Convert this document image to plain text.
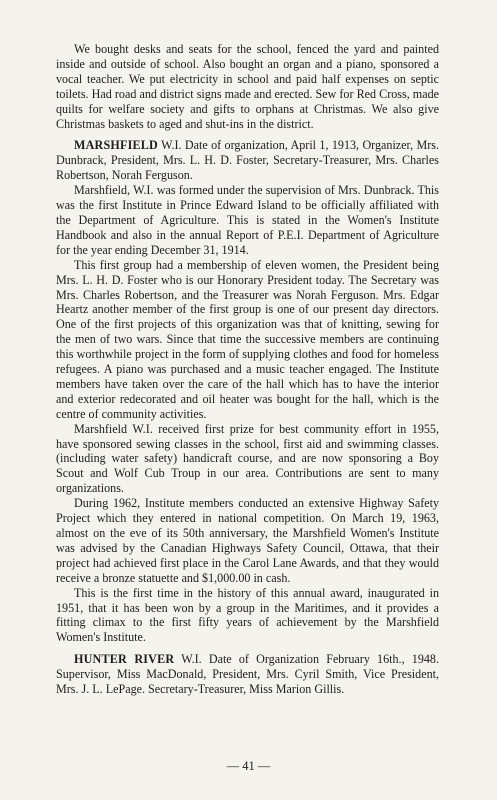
We bought desks and seats for the school, fenced the yard and painted inside and outside of school. Also bought an organ and a piano, sponsored a vocal teacher. We put electricity in school and paid half expenses on septic toilets. Had road and district signs made and erected. Sew for Red Cross, made quilts for welfare society and gifts to orphans at Christmas. We also give Christmas baskets to aged and shut-ins in the district.

MARSHFIELD W.I. Date of organization, April 1, 1913, Organizer, Mrs. Dunbrack, President, Mrs. L. H. D. Foster, Secretary-Treasurer, Mrs. Charles Robertson, Norah Ferguson.

Marshfield, W.I. was formed under the supervision of Mrs. Dunbrack. This was the first Institute in Prince Edward Island to be officially affiliated with the Department of Agriculture. This is stated in the Women's Institute Handbook and also in the annual Report of P.E.I. Department of Agriculture for the year ending December 31, 1914.

This first group had a membership of eleven women, the President being Mrs. L. H. D. Foster who is our Honorary President today. The Secretary was Mrs. Charles Robertson, and the Treasurer was Norah Ferguson. Mrs. Edgar Heartz another member of the first group is one of our present day directors. One of the first projects of this organization was that of knitting, sewing for the men of two wars. Since that time the successive members are continuing this worthwhile project in the form of supplying clothes and food for homeless refugees. A piano was purchased and a music teacher engaged. The Institute members have taken over the care of the hall which has to have the interior and exterior redecorated and oil heater was bought for the hall, which is the centre of community activities.

Marshfield W.I. received first prize for best community effort in 1955, have sponsored sewing classes in the school, first aid and swimming classes. (including water safety) handicraft course, and are now sponsoring a Boy Scout and Wolf Cub Troup in our area. Contributions are sent to many organizations.

During 1962, Institute members conducted an extensive Highway Safety Project which they entered in national competition. On March 19, 1963, almost on the eve of its 50th anniversary, the Marshfield Women's Institute was advised by the Canadian Highways Safety Council, Ottawa, that their project had achieved first place in the Carol Lane Awards, and that they would receive a bronze statuette and $1,000.00 in cash.

This is the first time in the history of this annual award, inaugurated in 1951, that it has been won by a group in the Maritimes, and it provides a fitting climax to the first fifty years of achievement by the Marshfield Women's Institute.

HUNTER RIVER W.I. Date of Organization February 16th., 1948. Supervisor, Miss MacDonald, President, Mrs. Cyril Smith, Vice President, Mrs. J. L. LePage. Secretary-Treasurer, Miss Marion Gillis.

— 41 —
